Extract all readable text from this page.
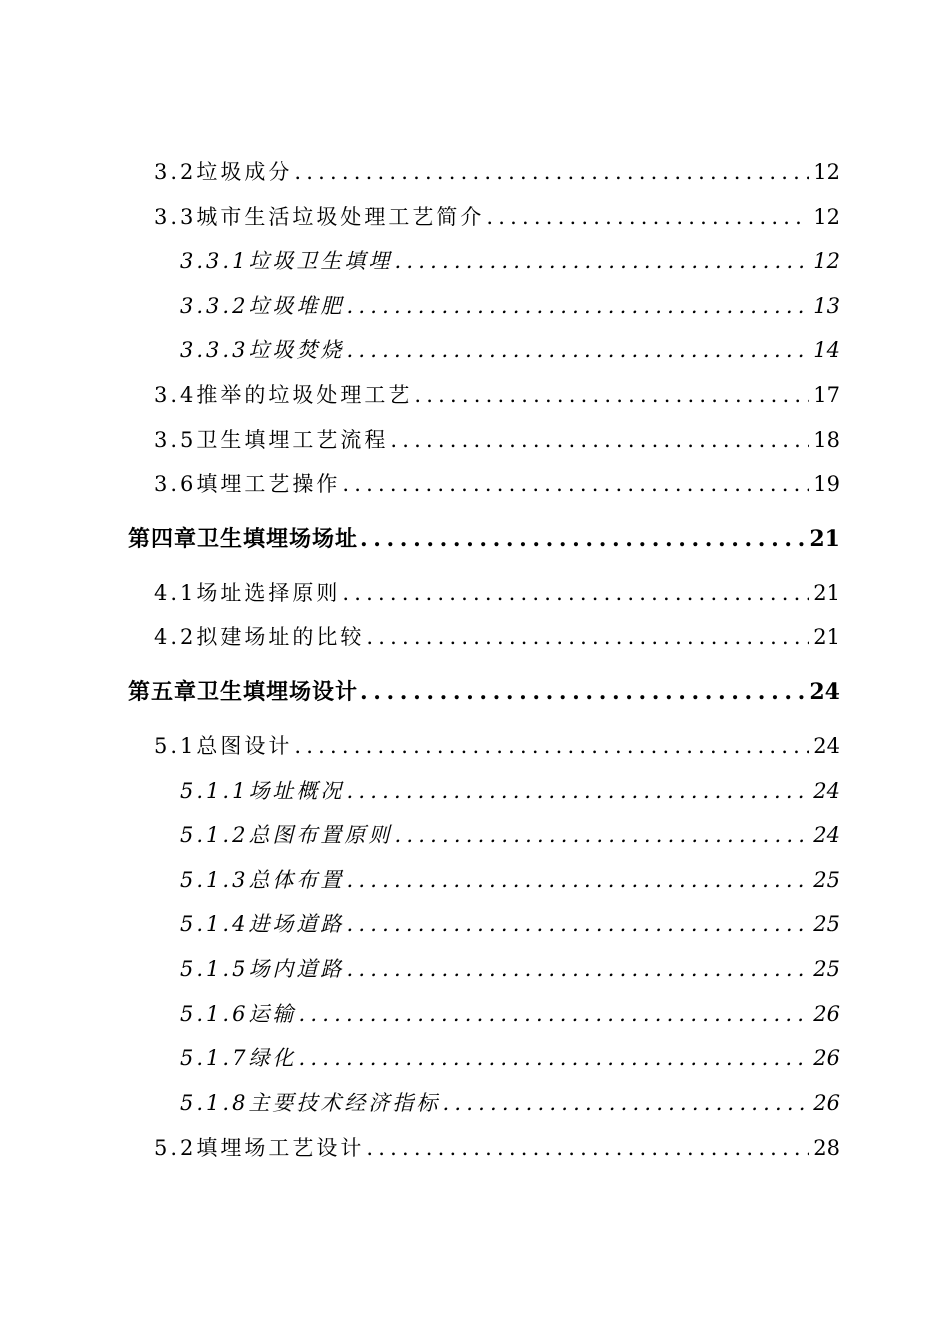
3.2 垃圾成分 .....	12
3.3 城市生活垃圾处理工艺简介 .....	12
3.3.1 垃圾卫生填埋 .....	12
3.3.2 垃圾堆肥 .....	13
3.3.3 垃圾焚烧 .....	14
3.4 推举的垃圾处理工艺 .....	17
3.5 卫生填埋工艺流程 .....	18
3.6 填埋工艺操作 .....	19
第四章 卫生填埋场场址 .....	21
4.1 场址选择原则 .....	21
4.2 拟建场址的比较 .....	21
第五章 卫生填埋场设计 .....	24
5.1 总图设计 .....	24
5.1.1 场址概况 .....	24
5.1.2 总图布置原则 .....	24
5.1.3 总体布置 .....	25
5.1.4 进场道路 .....	25
5.1.5 场内道路 .....	25
5.1.6 运输 .....	26
5.1.7 绿化 .....	26
5.1.8 主要技术经济指标 .....	26
5.2 填埋场工艺设计 .....	28
